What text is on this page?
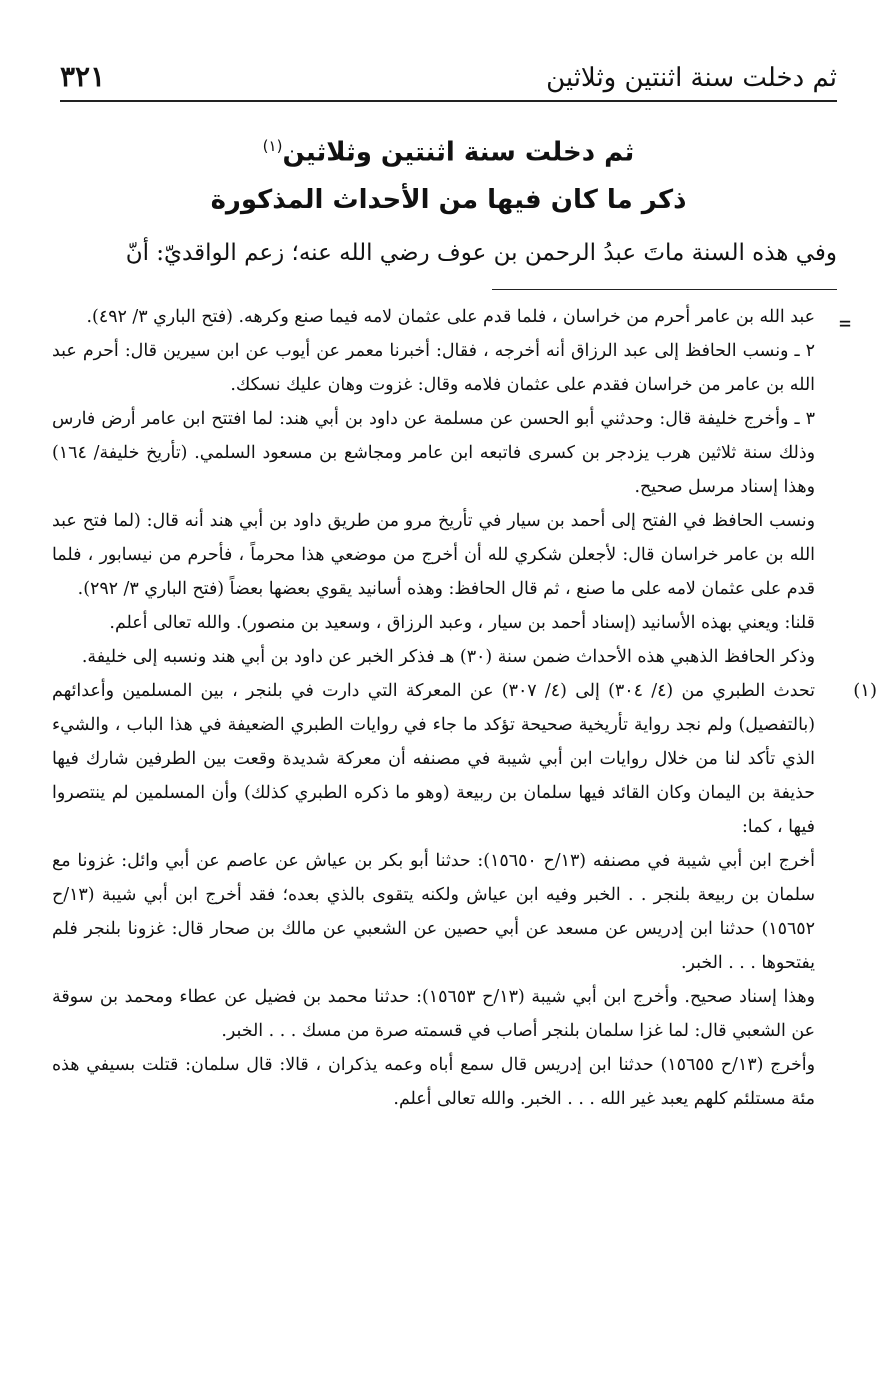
ثم دخلت سنة اثنتين وثلاثين
٣٢١
ثم دخلت سنة اثنتين وثلاثين$^{(١)}$
ذكر ما كان فيها من الأحداث المذكورة
وفي هذه السنة ماتَ عبدُ الرحمن بن عوف رضي الله عنه؛ زعم الواقديّ: أنّ
=

عبد الله بن عامر أحرم من خراسان ، فلما قدم على عثمان لامه فيما صنع وكرهه. (فتح الباري ٣/ ٤٩٢).

٢ ـ ونسب الحافظ إلى عبد الرزاق أنه أخرجه ، فقال: أخبرنا معمر عن أيوب عن ابن سيرين قال: أحرم عبد الله بن عامر من خراسان فقدم على عثمان فلامه وقال: غزوت وهان عليك نسكك.

٣ ـ وأخرج خليفة قال: وحدثني أبو الحسن عن مسلمة عن داود بن أبي هند: لما افتتح ابن عامر أرض فارس وذلك سنة ثلاثين هرب يزدجر بن كسرى فاتبعه ابن عامر ومجاشع بن مسعود السلمي. (تأريخ خليفة/ ١٦٤) وهذا إسناد مرسل صحيح.

ونسب الحافظ في الفتح إلى أحمد بن سيار في تأريخ مرو من طريق داود بن أبي هند أنه قال: (لما فتح عبد الله بن عامر خراسان قال: لأجعلن شكري لله أن أخرج من موضعي هذا محرماً ، فأحرم من نيسابور ، فلما قدم على عثمان لامه على ما صنع ، ثم قال الحافظ: وهذه أسانيد يقوي بعضها بعضاً (فتح الباري ٣/ ٢٩٢).

قلنا: ويعني بهذه الأسانيد (إسناد أحمد بن سيار ، وعبد الرزاق ، وسعيد بن منصور). والله تعالى أعلم.

وذكر الحافظ الذهبي هذه الأحداث ضمن سنة (٣٠) هـ فذكر الخبر عن داود بن أبي هند ونسبه إلى خليفة.

(١)

تحدث الطبري من (٤/ ٣٠٤) إلى (٤/ ٣٠٧) عن المعركة التي دارت في بلنجر ، بين المسلمين وأعدائهم (بالتفصيل) ولم نجد رواية تأريخية صحيحة تؤكد ما جاء في روايات الطبري الضعيفة في هذا الباب ، والشيء الذي تأكد لنا من خلال روايات ابن أبي شيبة في مصنفه أن معركة شديدة وقعت بين الطرفين شارك فيها حذيفة بن اليمان وكان القائد فيها سلمان بن ربيعة (وهو ما ذكره الطبري كذلك) وأن المسلمين لم ينتصروا فيها ، كما:

أخرج ابن أبي شيبة في مصنفه (١٣/ح ١٥٦٥٠): حدثنا أبو بكر بن عياش عن عاصم عن أبي وائل: غزونا مع سلمان بن ربيعة بلنجر . . الخبر وفيه ابن عياش ولكنه يتقوى بالذي بعده؛ فقد أخرج ابن أبي شيبة (١٣/ح ١٥٦٥٢) حدثنا ابن إدريس عن مسعد عن أبي حصين عن الشعبي عن مالك بن صحار قال: غزونا بلنجر فلم يفتحوها . . . الخبر.

وهذا إسناد صحيح. وأخرج ابن أبي شيبة (١٣/ح ١٥٦٥٣): حدثنا محمد بن فضيل عن عطاء ومحمد بن سوقة عن الشعبي قال: لما غزا سلمان بلنجر أصاب في قسمته صرة من مسك . . . الخبر.

وأخرج (١٣/ح ١٥٦٥٥) حدثنا ابن إدريس قال سمع أباه وعمه يذكران ، قالا: قال سلمان: قتلت بسيفي هذه مئة مستلئم كلهم يعبد غير الله . . . الخبر. والله تعالى أعلم.
